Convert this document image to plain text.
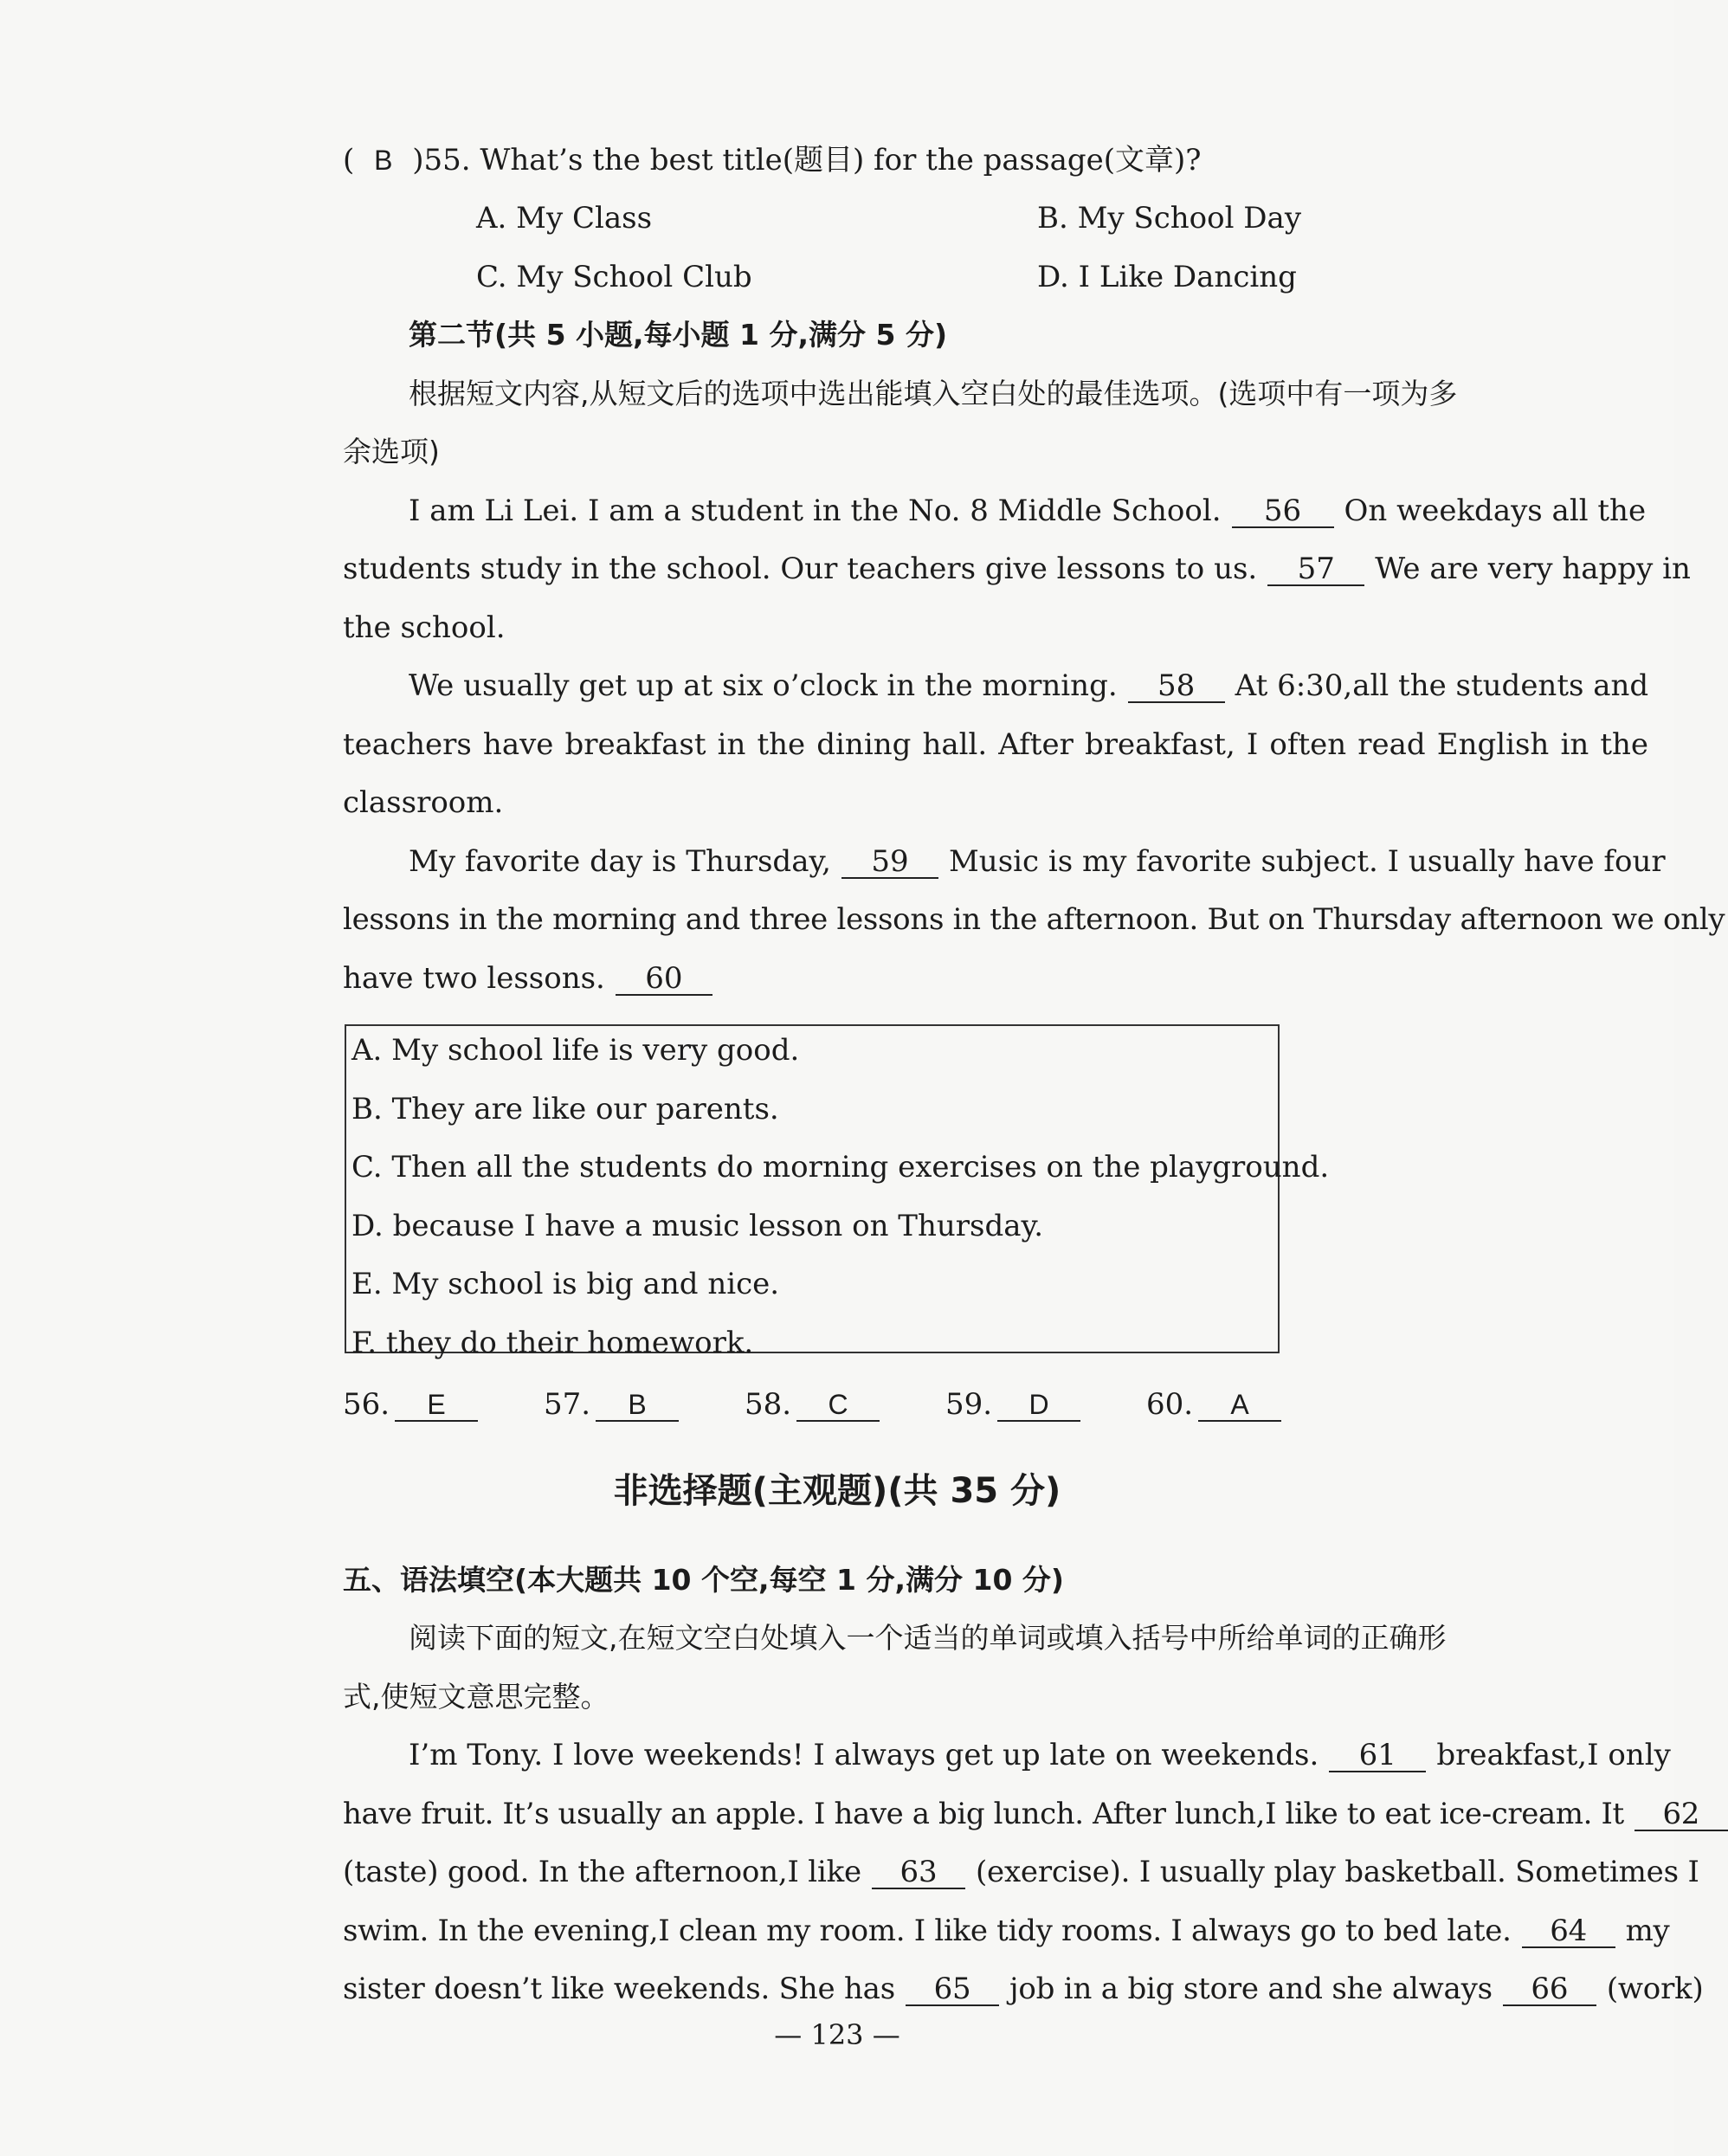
( B )55. What’s the best title(题目) for the passage(文章)?
A. My Class	B. My School Day
C. My School Club	D. I Like Dancing
第二节(共 5 小题,每小题 1 分,满分 5 分)
根据短文内容,从短文后的选项中选出能填入空白处的最佳选项。(选项中有一项为多
余选项)
I am Li Lei. I am a student in the No. 8 Middle School. 56 On weekdays all the
students study in the school. Our teachers give lessons to us. 57 We are very happy in
the school.
We usually get up at six o’clock in the morning. 58 At 6:30,all the students and
teachers have breakfast in the dining hall. After breakfast, I often read English in the
classroom.
My favorite day is Thursday, 59 Music is my favorite subject. I usually have four
lessons in the morning and three lessons in the afternoon. But on Thursday afternoon we only
have two lessons. 60
A. My school life is very good.
B. They are like our parents.
C. Then all the students do morning exercises on the playground.
D. because I have a music lesson on Thursday.
E. My school is big and nice.
F. they do their homework.
56. E	57. B	58. C	59. D	60. A
非选择题(主观题)(共 35 分)
五、语法填空(本大题共 10 个空,每空 1 分,满分 10 分)
阅读下面的短文,在短文空白处填入一个适当的单词或填入括号中所给单词的正确形
式,使短文意思完整。
I’m Tony. I love weekends! I always get up late on weekends. 61 breakfast,I only
have fruit. It’s usually an apple. I have a big lunch. After lunch,I like to eat ice-cream. It 62
(taste) good. In the afternoon,I like 63 (exercise). I usually play basketball. Sometimes I
swim. In the evening,I clean my room. I like tidy rooms. I always go to bed late. 64 my
sister doesn’t like weekends. She has 65 job in a big store and she always 66 (work)
— 123 —
